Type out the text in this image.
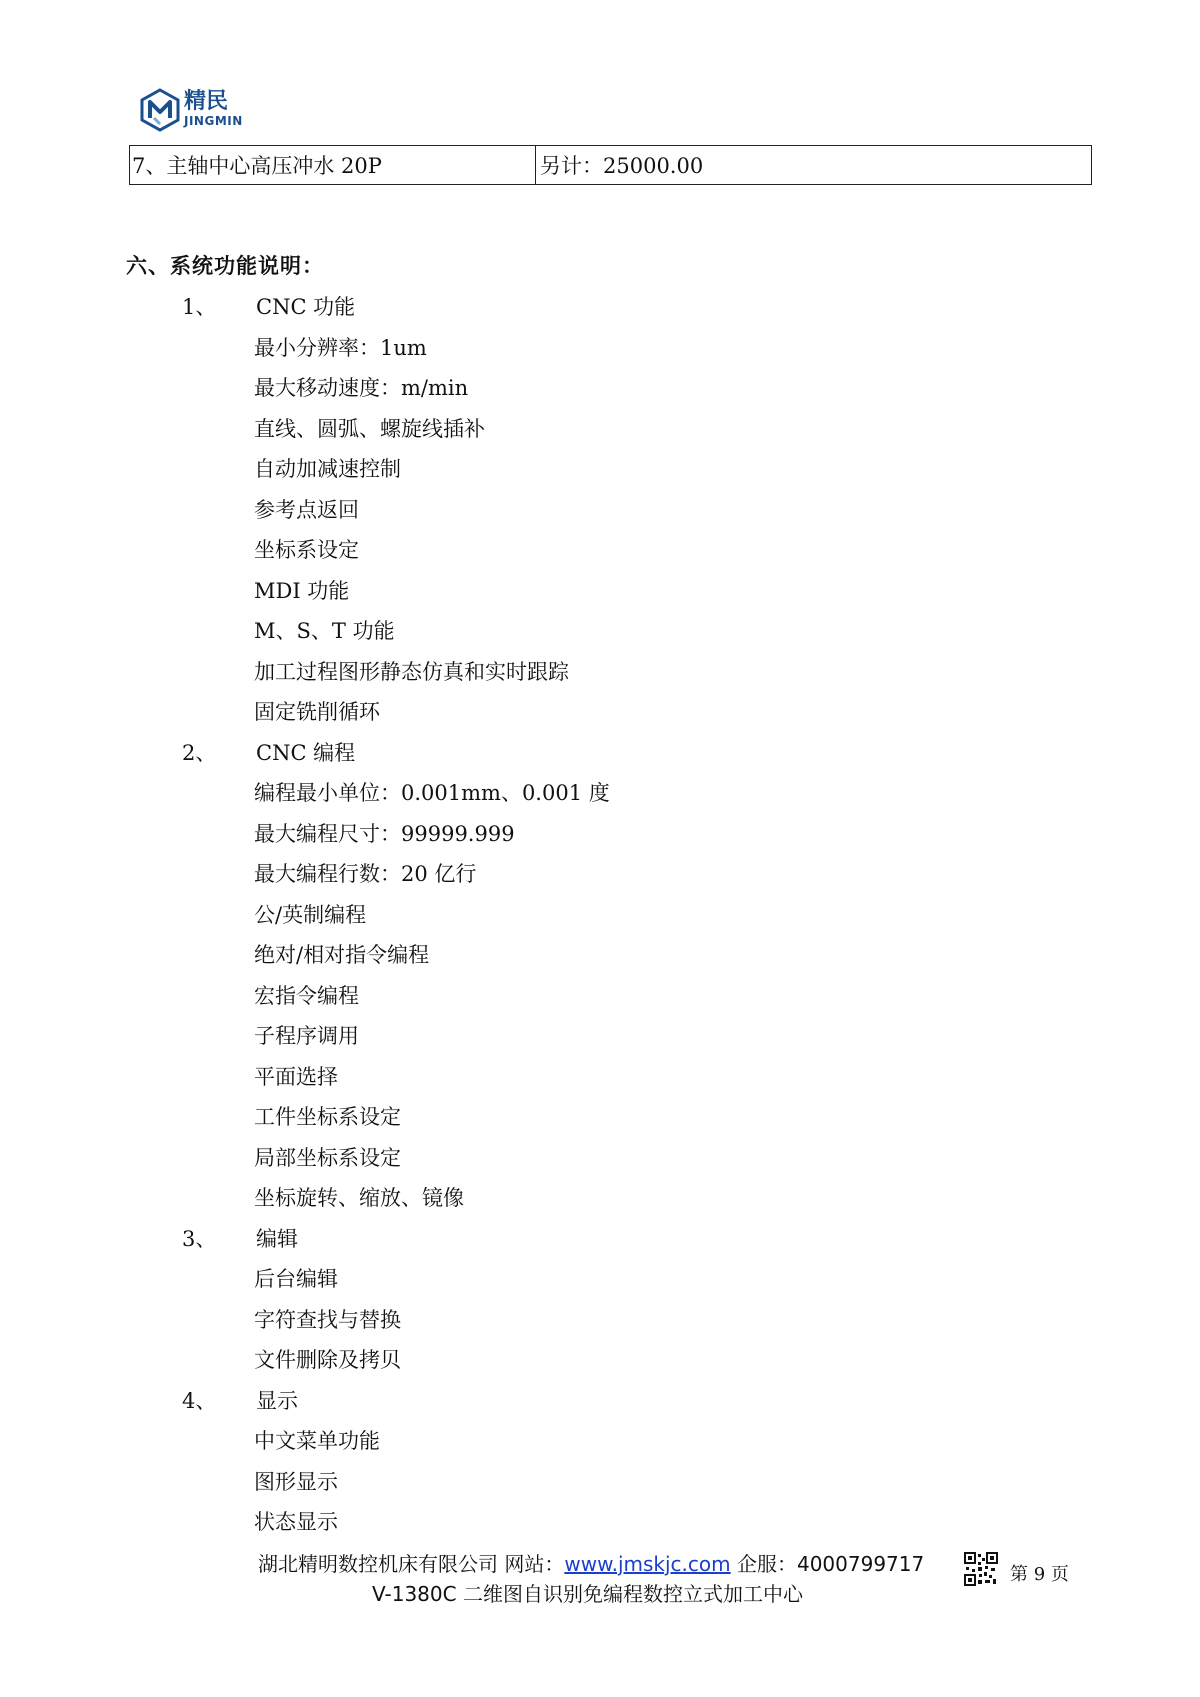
精民
JINGMIN
7、主轴中心高压冲水 20P	另计：25000.00
六、系统功能说明：
1、 CNC 功能
最小分辨率：1um
最大移动速度：m/min
直线、圆弧、螺旋线插补
自动加减速控制
参考点返回
坐标系设定
MDI 功能
M、S、T 功能
加工过程图形静态仿真和实时跟踪
固定铣削循环
2、 CNC 编程
编程最小单位：0.001mm、0.001 度
最大编程尺寸：99999.999
最大编程行数：20 亿行
公/英制编程
绝对/相对指令编程
宏指令编程
子程序调用
平面选择
工件坐标系设定
局部坐标系设定
坐标旋转、缩放、镜像
3、 编辑
后台编辑
字符查找与替换
文件删除及拷贝
4、 显示
中文菜单功能
图形显示
状态显示
湖北精明数控机床有限公司 网站：www.jmskjc.com 企服：4000799717	第 9 页
V-1380C 二维图自识别免编程数控立式加工中心
